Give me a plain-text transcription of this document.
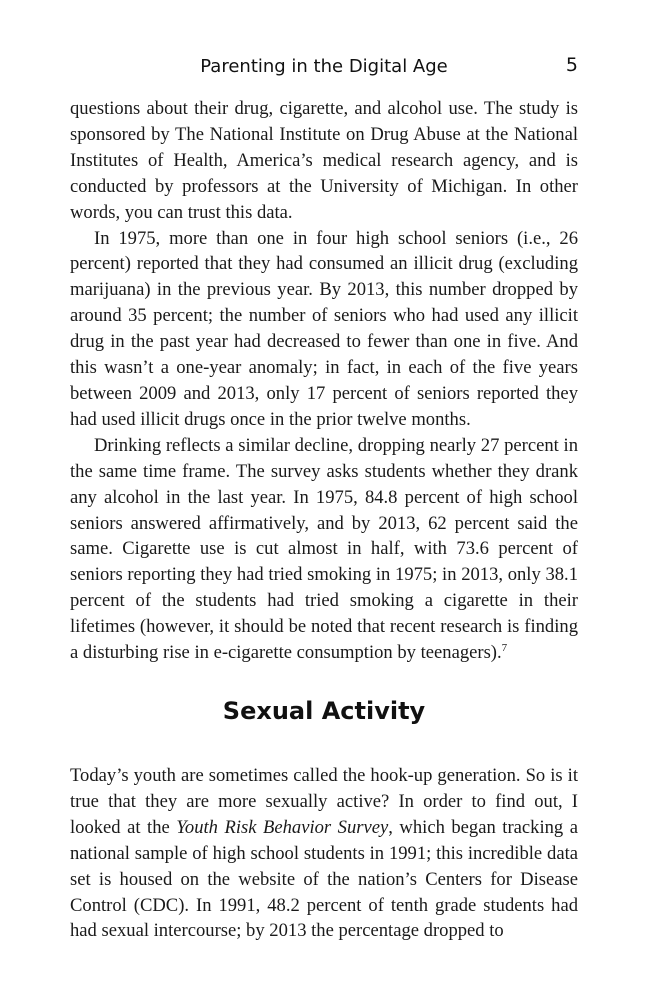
Parenting in the Digital Age	5

questions about their drug, cigarette, and alcohol use. The study is sponsored by The National Institute on Drug Abuse at the National Institutes of Health, America’s medical research agency, and is conducted by professors at the University of Michigan. In other words, you can trust this data.

In 1975, more than one in four high school seniors (i.e., 26 percent) reported that they had consumed an illicit drug (excluding marijuana) in the previous year. By 2013, this number dropped by around 35 percent; the number of seniors who had used any illicit drug in the past year had decreased to fewer than one in five. And this wasn’t a one-year anomaly; in fact, in each of the five years between 2009 and 2013, only 17 percent of seniors reported they had used illicit drugs once in the prior twelve months.

Drinking reflects a similar decline, dropping nearly 27 percent in the same time frame. The survey asks students whether they drank any alcohol in the last year. In 1975, 84.8 percent of high school seniors answered affirmatively, and by 2013, 62 percent said the same. Cigarette use is cut almost in half, with 73.6 percent of seniors reporting they had tried smoking in 1975; in 2013, only 38.1 percent of the students had tried smoking a cigarette in their lifetimes (however, it should be noted that recent research is finding a disturbing rise in e-cigarette consumption by teenagers).$^7$

Sexual Activity

Today’s youth are sometimes called the hook-up generation. So is it true that they are more sexually active? In order to find out, I looked at the Youth Risk Behavior Survey, which began tracking a national sample of high school students in 1991; this incredible data set is housed on the website of the nation’s Centers for Disease Control (CDC). In 1991, 48.2 percent of tenth grade students had had sexual intercourse; by 2013 the percentage dropped to
